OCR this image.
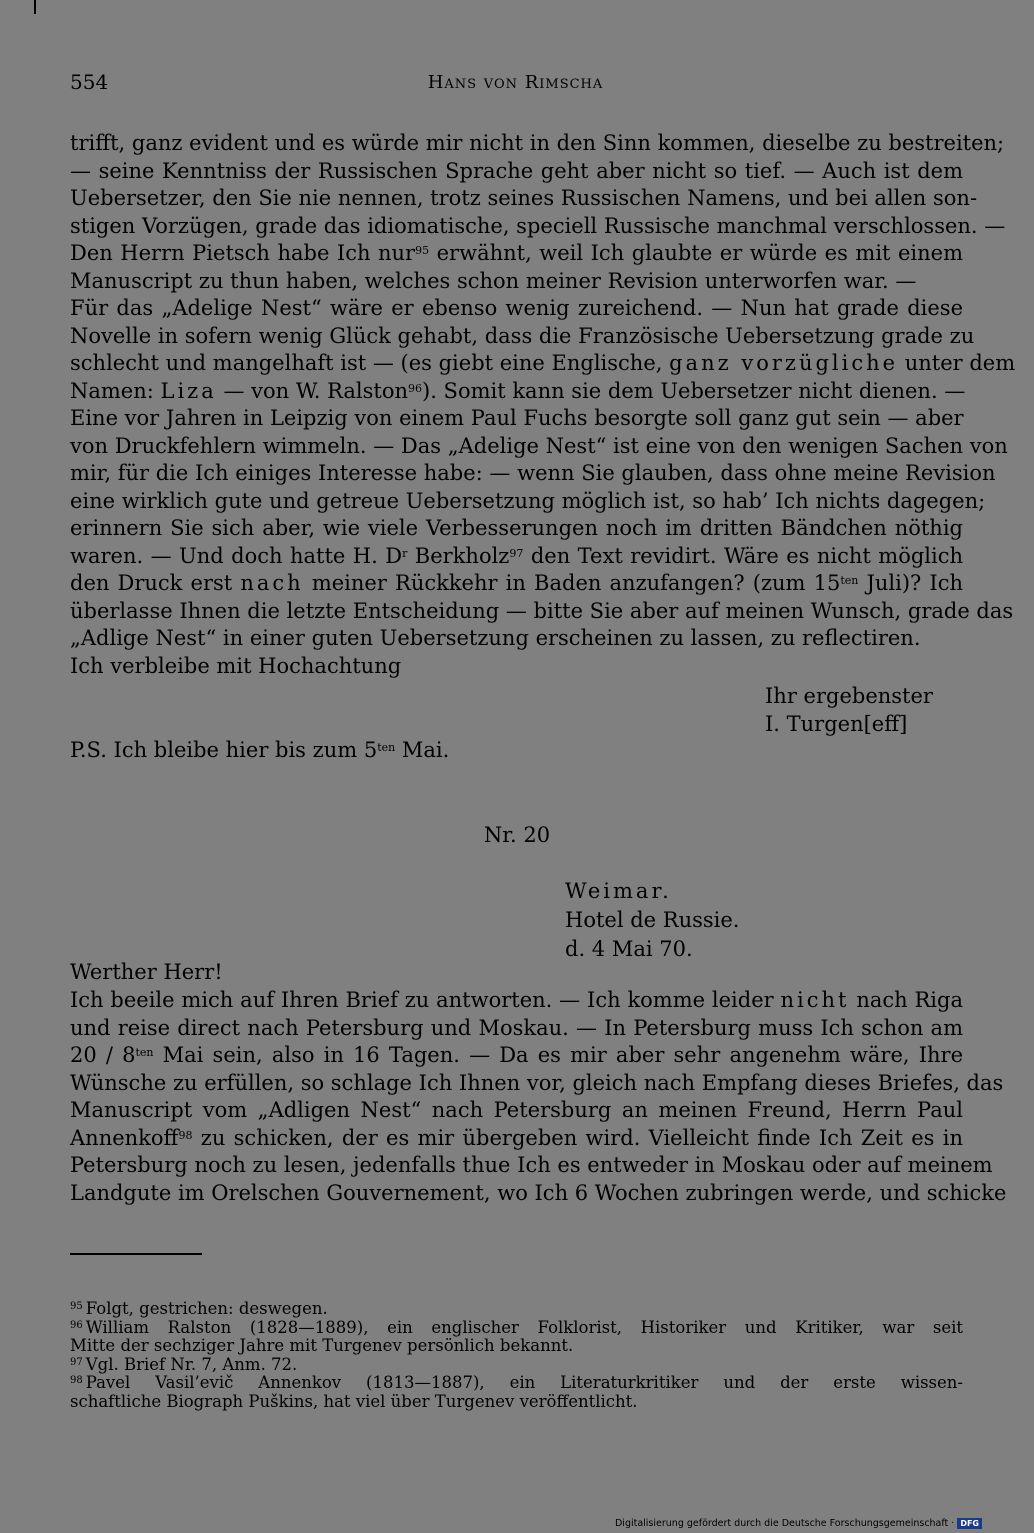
554	Hans von Rimscha
trifft, ganz evident und es würde mir nicht in den Sinn kommen, dieselbe zu bestreiten;
— seine Kenntniss der Russischen Sprache geht aber nicht so tief. — Auch ist dem
Uebersetzer, den Sie nie nennen, trotz seines Russischen Namens, und bei allen son-
stigen Vorzügen, grade das idiomatische, speciell Russische manchmal verschlossen. —
Den Herrn Pietsch habe Ich nur$^{95}$ erwähnt, weil Ich glaubte er würde es mit einem
Manuscript zu thun haben, welches schon meiner Revision unterworfen war. —
Für das „Adelige Nest“ wäre er ebenso wenig zureichend. — Nun hat grade diese
Novelle in sofern wenig Glück gehabt, dass die Französische Uebersetzung grade zu
schlecht und mangelhaft ist — (es giebt eine Englische, ganz vorzügliche unter dem
Namen: Liza — von W. Ralston$^{96}$). Somit kann sie dem Uebersetzer nicht dienen. —
Eine vor Jahren in Leipzig von einem Paul Fuchs besorgte soll ganz gut sein — aber
von Druckfehlern wimmeln. — Das „Adelige Nest“ ist eine von den wenigen Sachen von
mir, für die Ich einiges Interesse habe: — wenn Sie glauben, dass ohne meine Revision
eine wirklich gute und getreue Uebersetzung möglich ist, so hab’ Ich nichts dagegen;
erinnern Sie sich aber, wie viele Verbesserungen noch im dritten Bändchen nöthig
waren. — Und doch hatte H. $D^r$ Berkholz$^{97}$ den Text revidirt. Wäre es nicht möglich
den Druck erst nach meiner Rückkehr in Baden anzufangen? (zum $15^{ten}$ Juli)? Ich
überlasse Ihnen die letzte Entscheidung — bitte Sie aber auf meinen Wunsch, grade das
„Adlige Nest“ in einer guten Uebersetzung erscheinen zu lassen, zu reflectiren.
Ich verbleibe mit Hochachtung
Ihr ergebenster
I. Turgen[eff]
P.S. Ich bleibe hier bis zum $5^{ten}$ Mai.
Nr. 20
Weimar.
Hotel de Russie.
d. 4 Mai 70.
Werther Herr!
Ich beeile mich auf Ihren Brief zu antworten. — Ich komme leider nicht nach Riga
und reise direct nach Petersburg und Moskau. — In Petersburg muss Ich schon am
$20 / 8^{ten}$ Mai sein, also in 16 Tagen. — Da es mir aber sehr angenehm wäre, Ihre
Wünsche zu erfüllen, so schlage Ich Ihnen vor, gleich nach Empfang dieses Briefes, das
Manuscript vom „Adligen Nest“ nach Petersburg an meinen Freund, Herrn Paul
Annenkoff$^{98}$ zu schicken, der es mir übergeben wird. Vielleicht finde Ich Zeit es in
Petersburg noch zu lesen, jedenfalls thue Ich es entweder in Moskau oder auf meinem
Landgute im Orelschen Gouvernement, wo Ich 6 Wochen zubringen werde, und schicke
$^{95}$ Folgt, gestrichen: deswegen.
$^{96}$ William Ralston (1828—1889), ein englischer Folklorist, Historiker und Kritiker, war seit
Mitte der sechziger Jahre mit Turgenev persönlich bekannt.
$^{97}$ Vgl. Brief Nr. 7, Anm. 72.
$^{98}$ Pavel Vasil’evič Annenkov (1813—1887), ein Literaturkritiker und der erste wissen-
schaftliche Biograph Puškins, hat viel über Turgenev veröffentlicht.
Digitalisierung gefördert durch die Deutsche Forschungsgemeinschaft · DFG
